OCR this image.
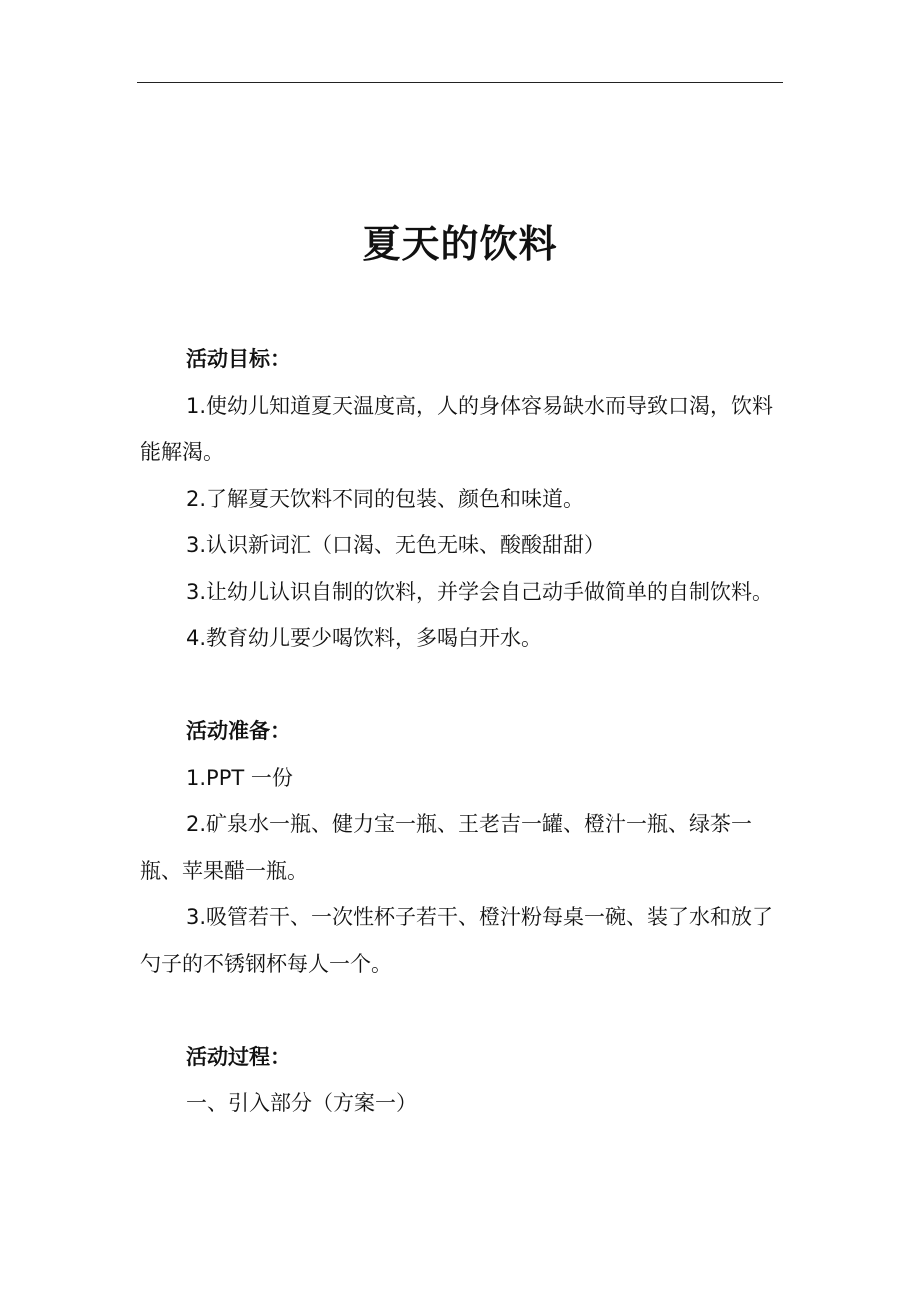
夏天的饮料

活动目标：

1.使幼儿知道夏天温度高，人的身体容易缺水而导致口渴，饮料能解渴。

2.了解夏天饮料不同的包装、颜色和味道。

3.认识新词汇（口渴、无色无味、酸酸甜甜）

3.让幼儿认识自制的饮料，并学会自己动手做简单的自制饮料。

4.教育幼儿要少喝饮料，多喝白开水。

活动准备：

1.PPT 一份

2.矿泉水一瓶、健力宝一瓶、王老吉一罐、橙汁一瓶、绿茶一瓶、苹果醋一瓶。

3.吸管若干、一次性杯子若干、橙汁粉每桌一碗、装了水和放了勺子的不锈钢杯每人一个。

活动过程：

一、引入部分（方案一）
